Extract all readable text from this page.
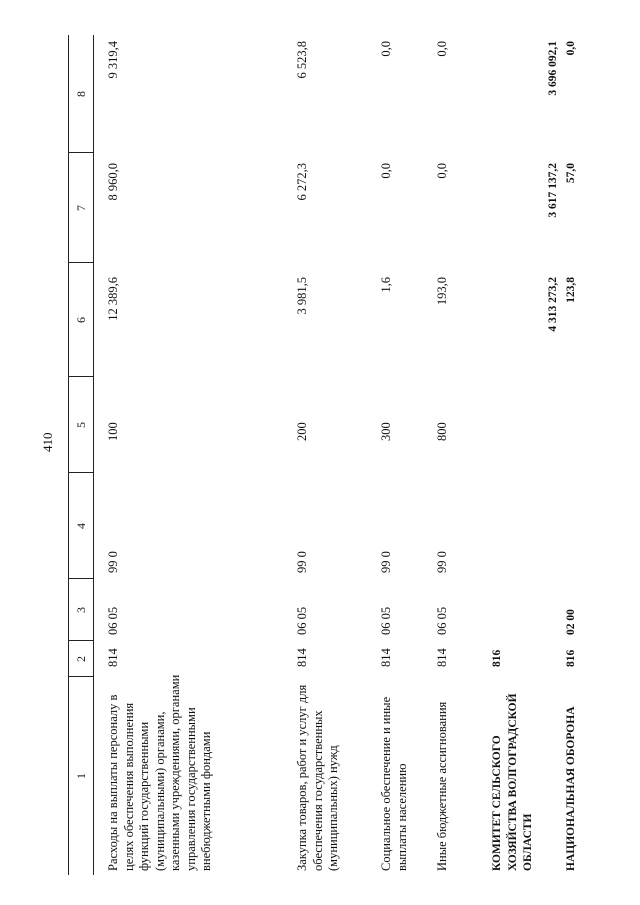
410
1
2
3
4
5
6
7
8
Расходы на выплаты персоналу в целях обеспечения выполнения функций государственными (муниципальными) органами, казенными учреждениями, органами управления государственными внебюджетными фондами
814
06 05
99 0
100
12 389,6
8 960,0
9 319,4
Закупка товаров, работ и услуг для обеспечения государственных (муниципальных) нужд
814
06 05
99 0
200
3 981,5
6 272,3
6 523,8
Социальное обеспечение и иные выплаты населению
814
06 05
99 0
300
1,6
0,0
0,0
Иные бюджетные ассигнования
814
06 05
99 0
800
193,0
0,0
0,0
КОМИТЕТ СЕЛЬСКОГО ХОЗЯЙСТВА ВОЛГОГРАДСКОЙ ОБЛАСТИ
816
4 313 273,2
3 617 137,2
3 696 092,1
НАЦИОНАЛЬНАЯ ОБОРОНА
816
02 00
123,8
57,0
0,0
